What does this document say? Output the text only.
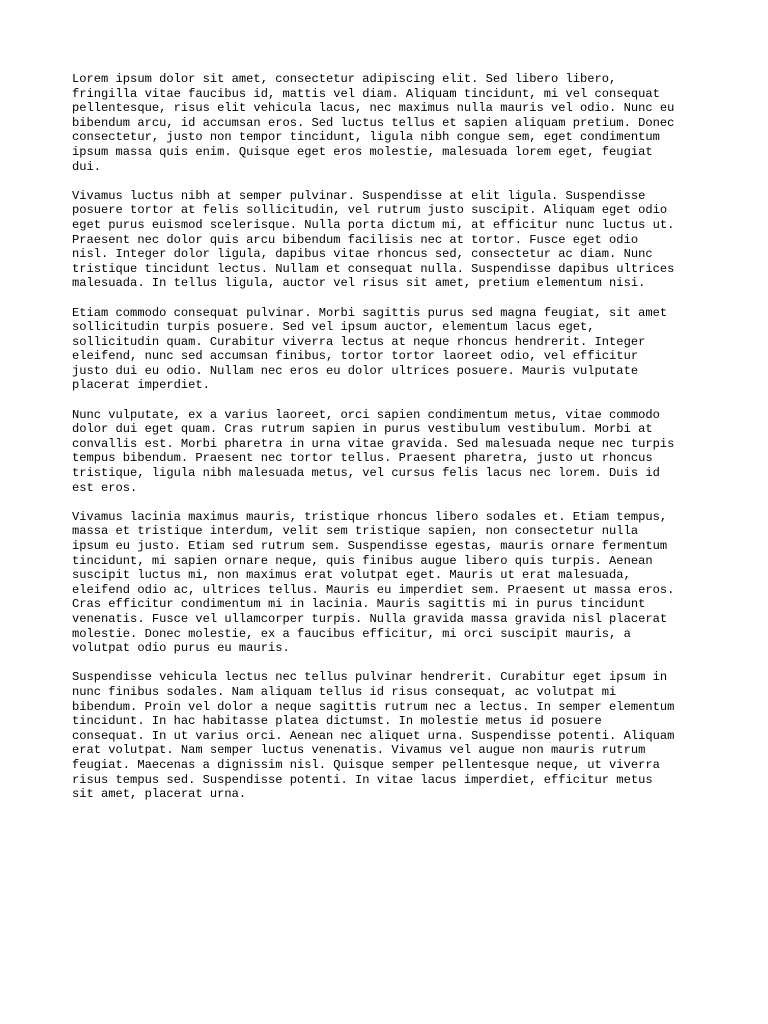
Lorem ipsum dolor sit amet, consectetur adipiscing elit. Sed libero libero,
fringilla vitae faucibus id, mattis vel diam. Aliquam tincidunt, mi vel consequat
pellentesque, risus elit vehicula lacus, nec maximus nulla mauris vel odio. Nunc eu
bibendum arcu, id accumsan eros. Sed luctus tellus et sapien aliquam pretium. Donec
consectetur, justo non tempor tincidunt, ligula nibh congue sem, eget condimentum
ipsum massa quis enim. Quisque eget eros molestie, malesuada lorem eget, feugiat
dui.

Vivamus luctus nibh at semper pulvinar. Suspendisse at elit ligula. Suspendisse
posuere tortor at felis sollicitudin, vel rutrum justo suscipit. Aliquam eget odio
eget purus euismod scelerisque. Nulla porta dictum mi, at efficitur nunc luctus ut.
Praesent nec dolor quis arcu bibendum facilisis nec at tortor. Fusce eget odio
nisl. Integer dolor ligula, dapibus vitae rhoncus sed, consectetur ac diam. Nunc
tristique tincidunt lectus. Nullam et consequat nulla. Suspendisse dapibus ultrices
malesuada. In tellus ligula, auctor vel risus sit amet, pretium elementum nisi.

Etiam commodo consequat pulvinar. Morbi sagittis purus sed magna feugiat, sit amet
sollicitudin turpis posuere. Sed vel ipsum auctor, elementum lacus eget,
sollicitudin quam. Curabitur viverra lectus at neque rhoncus hendrerit. Integer
eleifend, nunc sed accumsan finibus, tortor tortor laoreet odio, vel efficitur
justo dui eu odio. Nullam nec eros eu dolor ultrices posuere. Mauris vulputate
placerat imperdiet.

Nunc vulputate, ex a varius laoreet, orci sapien condimentum metus, vitae commodo
dolor dui eget quam. Cras rutrum sapien in purus vestibulum vestibulum. Morbi at
convallis est. Morbi pharetra in urna vitae gravida. Sed malesuada neque nec turpis
tempus bibendum. Praesent nec tortor tellus. Praesent pharetra, justo ut rhoncus
tristique, ligula nibh malesuada metus, vel cursus felis lacus nec lorem. Duis id
est eros.

Vivamus lacinia maximus mauris, tristique rhoncus libero sodales et. Etiam tempus,
massa et tristique interdum, velit sem tristique sapien, non consectetur nulla
ipsum eu justo. Etiam sed rutrum sem. Suspendisse egestas, mauris ornare fermentum
tincidunt, mi sapien ornare neque, quis finibus augue libero quis turpis. Aenean
suscipit luctus mi, non maximus erat volutpat eget. Mauris ut erat malesuada,
eleifend odio ac, ultrices tellus. Mauris eu imperdiet sem. Praesent ut massa eros.
Cras efficitur condimentum mi in lacinia. Mauris sagittis mi in purus tincidunt
venenatis. Fusce vel ullamcorper turpis. Nulla gravida massa gravida nisl placerat
molestie. Donec molestie, ex a faucibus efficitur, mi orci suscipit mauris, a
volutpat odio purus eu mauris.

Suspendisse vehicula lectus nec tellus pulvinar hendrerit. Curabitur eget ipsum in
nunc finibus sodales. Nam aliquam tellus id risus consequat, ac volutpat mi
bibendum. Proin vel dolor a neque sagittis rutrum nec a lectus. In semper elementum
tincidunt. In hac habitasse platea dictumst. In molestie metus id posuere
consequat. In ut varius orci. Aenean nec aliquet urna. Suspendisse potenti. Aliquam
erat volutpat. Nam semper luctus venenatis. Vivamus vel augue non mauris rutrum
feugiat. Maecenas a dignissim nisl. Quisque semper pellentesque neque, ut viverra
risus tempus sed. Suspendisse potenti. In vitae lacus imperdiet, efficitur metus
sit amet, placerat urna.
